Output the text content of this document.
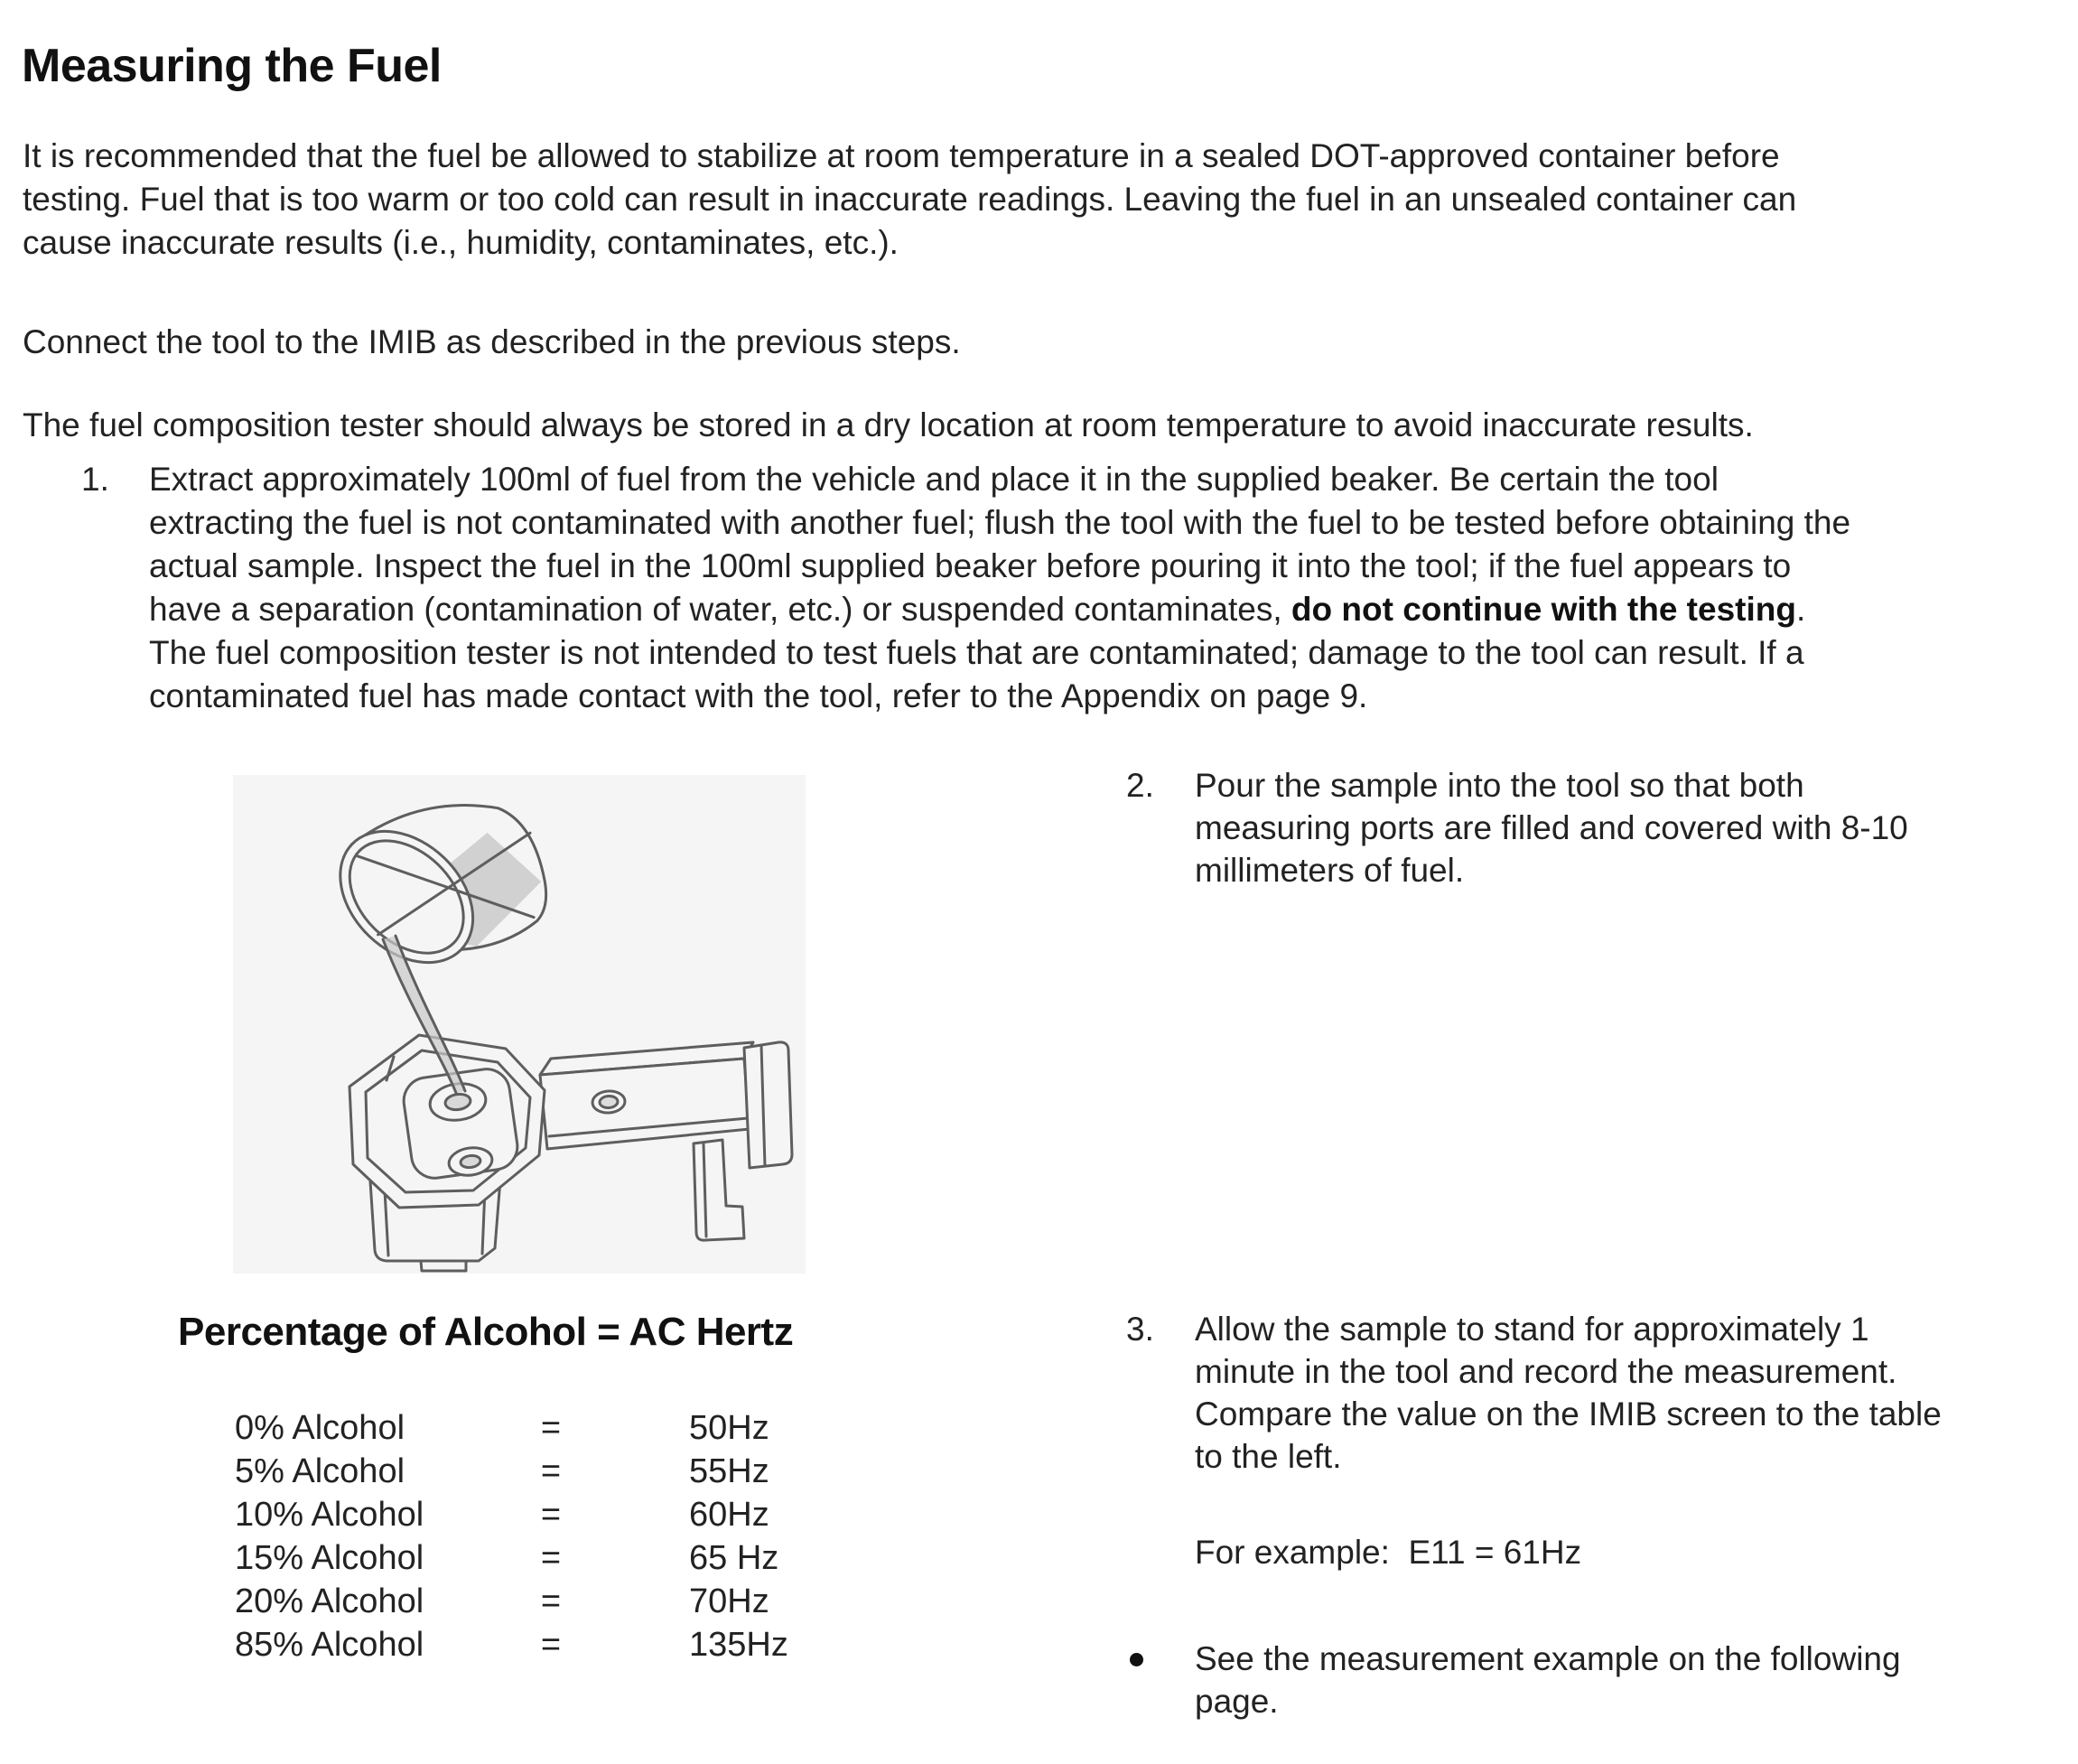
Measuring the Fuel

It is recommended that the fuel be allowed to stabilize at room temperature in a sealed DOT-approved container before testing. Fuel that is too warm or too cold can result in inaccurate readings. Leaving the fuel in an unsealed container can cause inaccurate results (i.e., humidity, contaminates, etc.).

Connect the tool to the IMIB as described in the previous steps.

The fuel composition tester should always be stored in a dry location at room temperature to avoid inaccurate results.

1. Extract approximately 100ml of fuel from the vehicle and place it in the supplied beaker. Be certain the tool extracting the fuel is not contaminated with another fuel; flush the tool with the fuel to be tested before obtaining the actual sample. Inspect the fuel in the 100ml supplied beaker before pouring it into the tool; if the fuel appears to have a separation (contamination of water, etc.) or suspended contaminates, do not continue with the testing. The fuel composition tester is not intended to test fuels that are contaminated; damage to the tool can result. If a contaminated fuel has made contact with the tool, refer to the Appendix on page 9.
2. Pour the sample into the tool so that both measuring ports are filled and covered with 8-10 millimeters of fuel.
Percentage of Alcohol = AC Hertz
0% Alcohol	=	50Hz
5% Alcohol	=	55Hz
10% Alcohol	=	60Hz
15% Alcohol	=	65 Hz
20% Alcohol	=	70Hz
85% Alcohol	=	135Hz
3. Allow the sample to stand for approximately 1 minute in the tool and record the measurement. Compare the value on the IMIB screen to the table to the left.
For example:  E11 = 61Hz
See the measurement example on the following page.
